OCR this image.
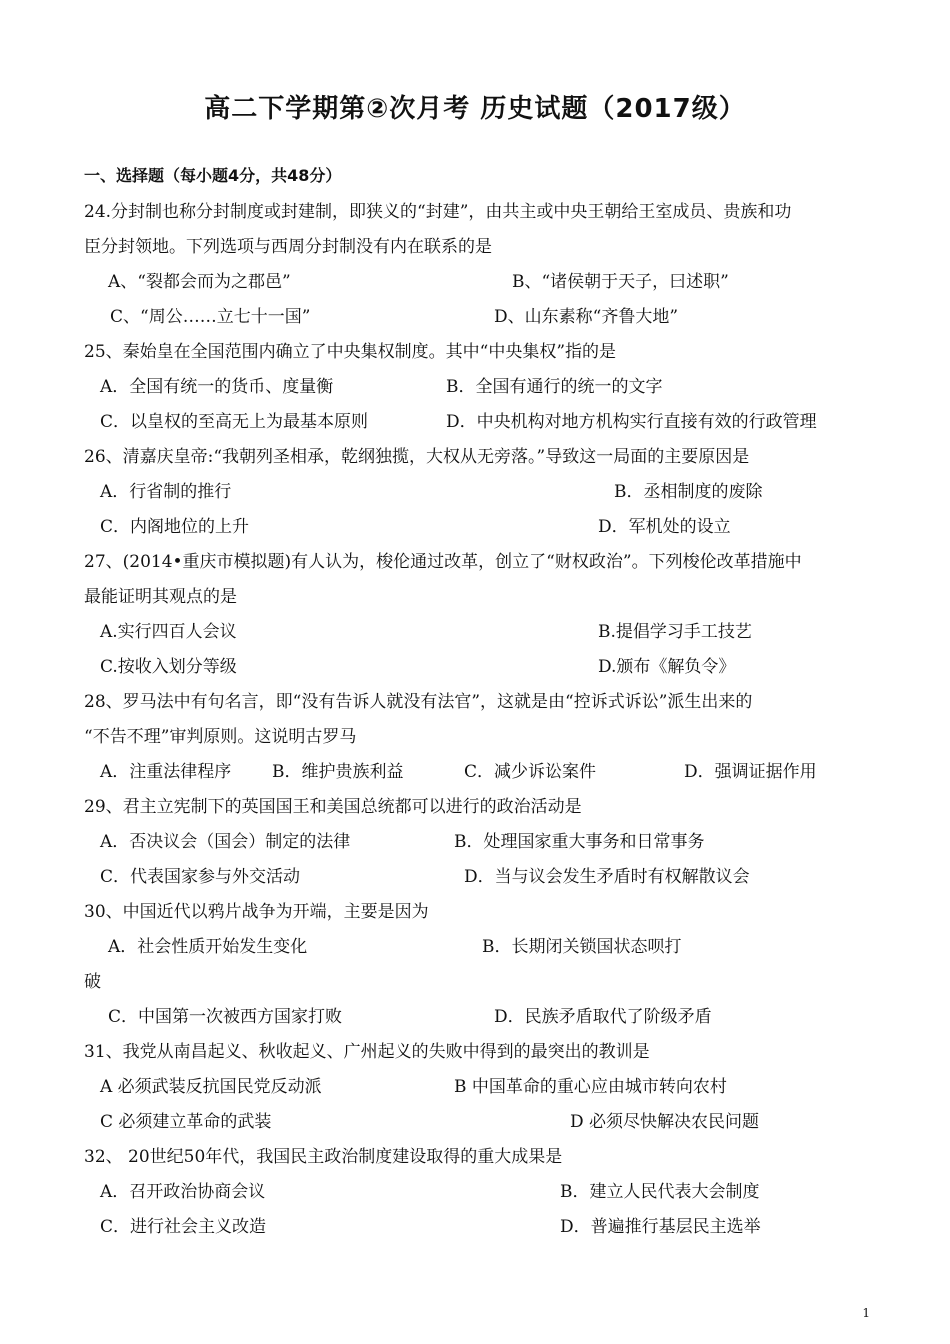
高二下学期第②次月考 历史试题（2017级）
一、选择题（每小题4分，共48分）
24.分封制也称分封制度或封建制，即狭义的“封建”，由共主或中央王朝给王室成员、贵族和功
臣分封领地。下列选项与西周分封制没有内在联系的是
A、“裂都会而为之郡邑”	B、“诸侯朝于天子，曰述职”
C、“周公……立七十一国”	D、山东素称“齐鲁大地”
25、秦始皇在全国范围内确立了中央集权制度。其中“中央集权”指的是
A．全国有统一的货币、度量衡	B．全国有通行的统一的文字
C．以皇权的至高无上为最基本原则	D．中央机构对地方机构实行直接有效的行政管理
26、清嘉庆皇帝:“我朝列圣相承，乾纲独揽，大权从无旁落。”导致这一局面的主要原因是
A．行省制的推行	B．丞相制度的废除
C．内阁地位的上升	D．军机处的设立
27、(2014•重庆市模拟题)有人认为，梭伦通过改革，创立了“财权政治”。下列梭伦改革措施中
最能证明其观点的是
A.实行四百人会议	B.提倡学习手工技艺
C.按收入划分等级	D.颁布《解负令》
28、罗马法中有句名言，即“没有告诉人就没有法官”，这就是由“控诉式诉讼”派生出来的
“不告不理”审判原则。这说明古罗马
A．注重法律程序 B．维护贵族利益	C．减少诉讼案件	D．强调证据作用
29、君主立宪制下的英国国王和美国总统都可以进行的政治活动是
A．否决议会（国会）制定的法律	B．处理国家重大事务和日常事务
C．代表国家参与外交活动	D．当与议会发生矛盾时有权解散议会
30、中国近代以鸦片战争为开端，主要是因为
A．社会性质开始发生变化	B．长期闭关锁国状态呗打
破
C．中国第一次被西方国家打败	D．民族矛盾取代了阶级矛盾
31、我党从南昌起义、秋收起义、广州起义的失败中得到的最突出的教训是
A 必须武装反抗国民党反动派	B 中国革命的重心应由城市转向农村
C 必须建立革命的武装	D 必须尽快解决农民问题
32、 20世纪50年代，我国民主政治制度建设取得的重大成果是
A．召开政治协商会议	B．建立人民代表大会制度
C．进行社会主义改造	D．普遍推行基层民主选举
1
